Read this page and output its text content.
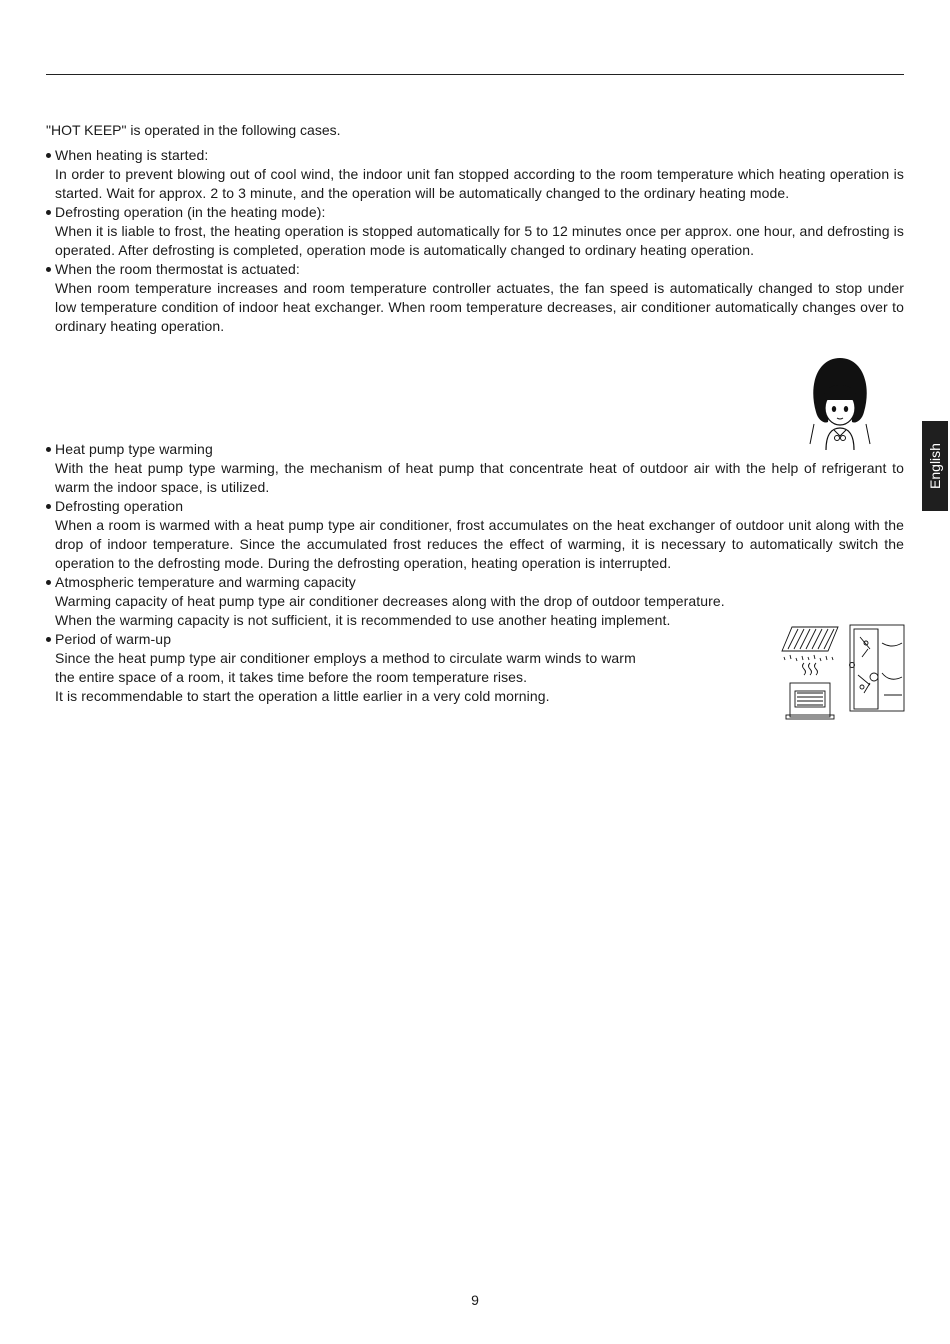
"HOT KEEP" is operated in the following cases.
When heating is started:
In order to prevent blowing out of cool wind, the indoor unit fan stopped according to the room temperature which heating operation is started. Wait for approx. 2 to 3 minute, and the operation will be automatically changed to the ordinary heating mode.
Defrosting operation (in the heating mode):
When it is liable to frost, the heating operation is stopped automatically for 5 to 12 minutes once per approx. one hour, and defrosting is operated. After defrosting is completed, operation mode is automatically changed to ordinary heating operation.
When the room thermostat is actuated:
When room temperature increases and room temperature controller actuates, the fan speed is automatically changed to stop under low temperature condition of indoor heat exchanger. When room temperature decreases, air conditioner automatically changes over to ordinary heating operation.
Heat pump type warming
With the heat pump type warming, the mechanism of heat pump that concentrate heat of outdoor air with the help of refrigerant to warm the indoor space, is utilized.
Defrosting operation
When a room is warmed with a heat pump type air conditioner, frost accumulates on the heat exchanger of outdoor unit along with the drop of indoor temperature. Since the accumulated frost reduces the effect of warming, it is necessary to automatically switch the operation to the defrosting mode. During the defrosting operation, heating operation is interrupted.
Atmospheric temperature and warming capacity
Warming capacity of heat pump type air conditioner decreases along with the drop of outdoor temperature.
When the warming capacity is not sufficient, it is recommended to use another heating implement.
Period of warm-up
Since the heat pump type air conditioner employs a method to circulate warm winds to warm
the entire space of a room, it takes time before the room temperature rises.
It is recommendable to start the operation a little earlier in a very cold morning.
English
9
